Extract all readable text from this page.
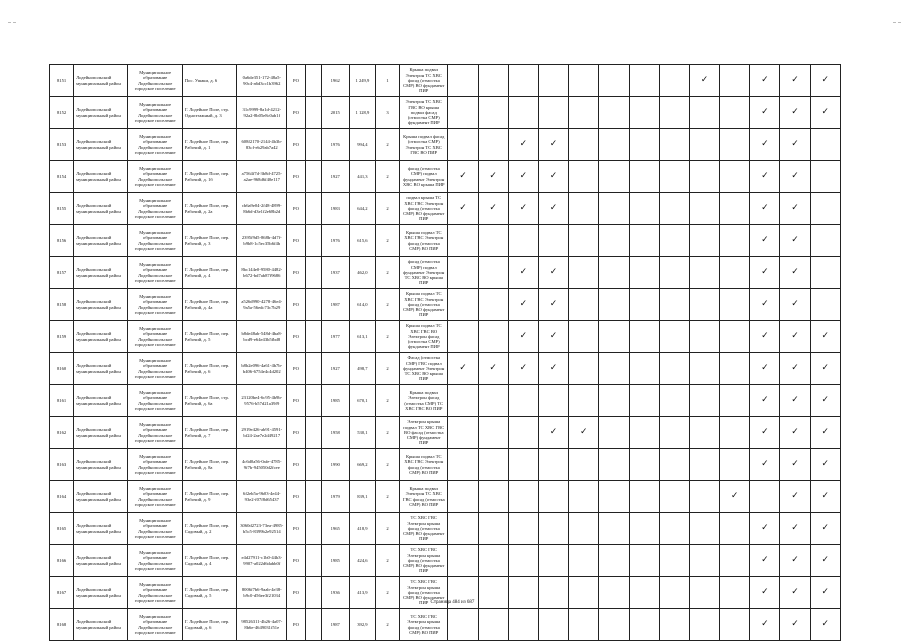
8151	Лодейнопольский муниципальный район	Муниципальное образование Лодейнопольское городское поселение	Пос. Ушаки, д. 6	0a6de351-172-48a5-90c4-a6d3cc1b3962	РО		1962	1 249,9	1	Крыша подвал Электрон ТС ХВС фасад (отмостка СМР) ВО фундамент ПИР									✓		✓	✓	✓
8152	Лодейнопольский муниципальный район	Муниципальное образование Лодейнопольское городское поселение	Г. Лодейное Поле, стр. Одноэтажный, д. 3	31c9999-8a1d-4212-92a2-8b05e8c0ab1f	РО		2015	1 128,9	3	Электрон ТС ХВС ГВС ВО крыша подвал фасад (отмостка СМР) фундамент ПИР											✓	✓	✓
8153	Лодейнопольский муниципальный район	Муниципальное образование Лодейнопольское городское поселение	Г. Лодейное Поле, пер. Рабочий, д. 1	608f2170-2144-4b3b-83cf-eb29ab7a42	РО		1976	994,4	2	Крыша подвал фасад (отмостка СМР) Электрон ТС ХВС ГВС ВО ПИР			✓	✓							✓	✓	
8154	Лодейнопольский муниципальный район	Муниципальное образование Лодейнопольское городское поселение	Г. Лодейное Поле, пер. Рабочий, д. 1б	a7564f7d-3b8d-4725-a2ae-968d6f40e117	РО		1927	441,3	2	фасад (отмостка СМР) подвал фундамент Электрон ХВС ВО крыша ПИР	✓	✓	✓	✓							✓	✓	
8155	Лодейнопольский муниципальный район	Муниципальное образование Лодейнопольское городское поселение	Г. Лодейное Поле, пер. Рабочий, д. 2а	cb6a9e04-2f48-4899-8b6d-d3e1f2e68b2d	РО		1983	644,2	2	подвал крыша ТС ХВС ГВС Электрон фасад (отмостка СМР) ВО фундамент ПИР	✓	✓	✓	✓							✓	✓	
8156	Лодейнопольский муниципальный район	Муниципальное образование Лодейнопольское городское поселение	Г. Лодейное Поле, пер. Рабочий, д. 3	2395f9d5-868b-4d7f-b9b8-1c5ec35b6f4b	РО		1976	615,6	2	Крыша подвал ТС ХВС ГВС Электрон фасад (отмостка СМР) ВО ПИР											✓	✓	
8157	Лодейнопольский муниципальный район	Муниципальное образование Лодейнопольское городское поселение	Г. Лодейное Поле, пер. Рабочий, д. 4	8bc144e0-9580-4482-b672-bd7ab87f9686	РО		1937	462,0	2	фасад (отмостка СМР) подвал фундамент Электрон ТС ХВС ВО крыша ПИР			✓	✓							✓	✓	
8158	Лодейнопольский муниципальный район	Муниципальное образование Лодейнопольское городское поселение	Г. Лодейное Поле, пер. Рабочий, д. 4а	a526d990-4278-46e4-9a5a-56edc73c7b29	РО		1987	614,0	2	Крыша подвал ТС ХВС ГВС Электрон фасад (отмостка СМР) ВО фундамент ПИР			✓	✓							✓	✓	
8159	Лодейнопольский муниципальный район	Муниципальное образование Лодейнопольское городское поселение	Г. Лодейное Поле, пер. Рабочий, д. 5	b8de48ab-548d-4ba8-bcd9-e64e43b5fbd8	РО		1977	613,1	2	Крыша подвал ТС ХВС ГВС ВО Электрон фасад (отмостка СМР) фундамент ПИР			✓	✓							✓	✓	✓
8160	Лодейнопольский муниципальный район	Муниципальное образование Лодейнопольское городское поселение	Г. Лодейное Поле, пер. Рабочий, д. 6	b8b2e096-4a61-4b7b-b406-6754e4c4d202	РО		1927	498,7	2	Фасад (отмостка СМР) ГВС подвал фундамент Электрон ТС ХВС ВО крыша ПИР	✓	✓	✓	✓							✓	✓	✓
8161	Лодейнопольский муниципальный район	Муниципальное образование Лодейнопольское городское поселение	Г. Лодейное Поле, стр. Рабочий, д. 6а	23120be4-6c95-4b9b-9576-b57d21a39f9	РО		1985	670,1	2	Крыша подвал Электрон фасад (отмостка СМР) ТС ХВС ГВС ВО ПИР											✓	✓	✓
8162	Лодейнопольский муниципальный район	Муниципальное образование Лодейнопольское городское поселение	Г. Лодейное Поле, пер. Рабочий, д. 7	2919e426-ab91-4591-bf24-2ae7e2d49217	РО		1958	530,1	2	Электрон крыша подвал ТС ХВС ГВС ВО фасад (отмостка СМР) фундамент ПИР				✓	✓						✓	✓	✓
8163	Лодейнопольский муниципальный район	Муниципальное образование Лодейнопольское городское поселение	Г. Лодейное Поле, пер. Рабочий, д. 8а	4c6d0a56-0afe-4785-9f7b-945050d2fcee	РО		1990	669,2	2	Крыша подвал ТС ХВС ГВС Электрон фасад (отмостка СМР) ВО ПИР											✓	✓	✓
8164	Лодейнопольский муниципальный район	Муниципальное образование Лодейнопольское городское поселение	Г. Лодейное Поле, пер. Рабочий, д. 9	6f2eb5a-9b03-4e44-93e2-f07f8d65437	РО		1979	839,1	2	Крыша подвал Электрон ТС ХВС ГВС фасад (отмостка СМР) ВО ПИР										✓		✓	✓
8165	Лодейнопольский муниципальный район	Муниципальное образование Лодейнопольское городское поселение	Г. Лодейное Поле, пер. Садовый, д. 2	3060d2723-73ea-4985-b5c5-8399b2e92514	РО		1965	418,9	2	ТС ХВС ГВС Электрон крыша фасад (отмостка СМР) ВО фундамент ПИР											✓	✓	✓
8166	Лодейнопольский муниципальный район	Муниципальное образование Лодейнопольское городское поселение	Г. Лодейное Поле, пер. Садовый, д. 4	e4d27911-c1b0-44b3-9907-a022d6dabb0f	РО		1985	424,6	2	ТС ХВС ГВС Электрон крыша фасад (отмостка СМР) ВО фундамент ПИР											✓	✓	✓
8167	Лодейнопольский муниципальный район	Муниципальное образование Лодейнопольское городское поселение	Г. Лодейное Поле, пер. Садовый, д. 5	8006f7b6-9aab-4e38-b9c0-d56ee3f21034	РО		1936	413,9	2	ТС ХВС ГВС Электрон крыша фасад (отмостка СМР) ВО фундамент ПИР											✓	✓	✓
8168	Лодейнопольский муниципальный район	Муниципальное образование Лодейнопольское городское поселение	Г. Лодейное Поле, пер. Садовый, д. 6	98526311-4b26-4a07-8b6e-4649031f51e	РО		1987	392,9	2	ТС ХВС ГВС Электрон крыша фасад (отмостка СМР) ВО ПИР											✓	✓	✓
Страница 484 из 687
